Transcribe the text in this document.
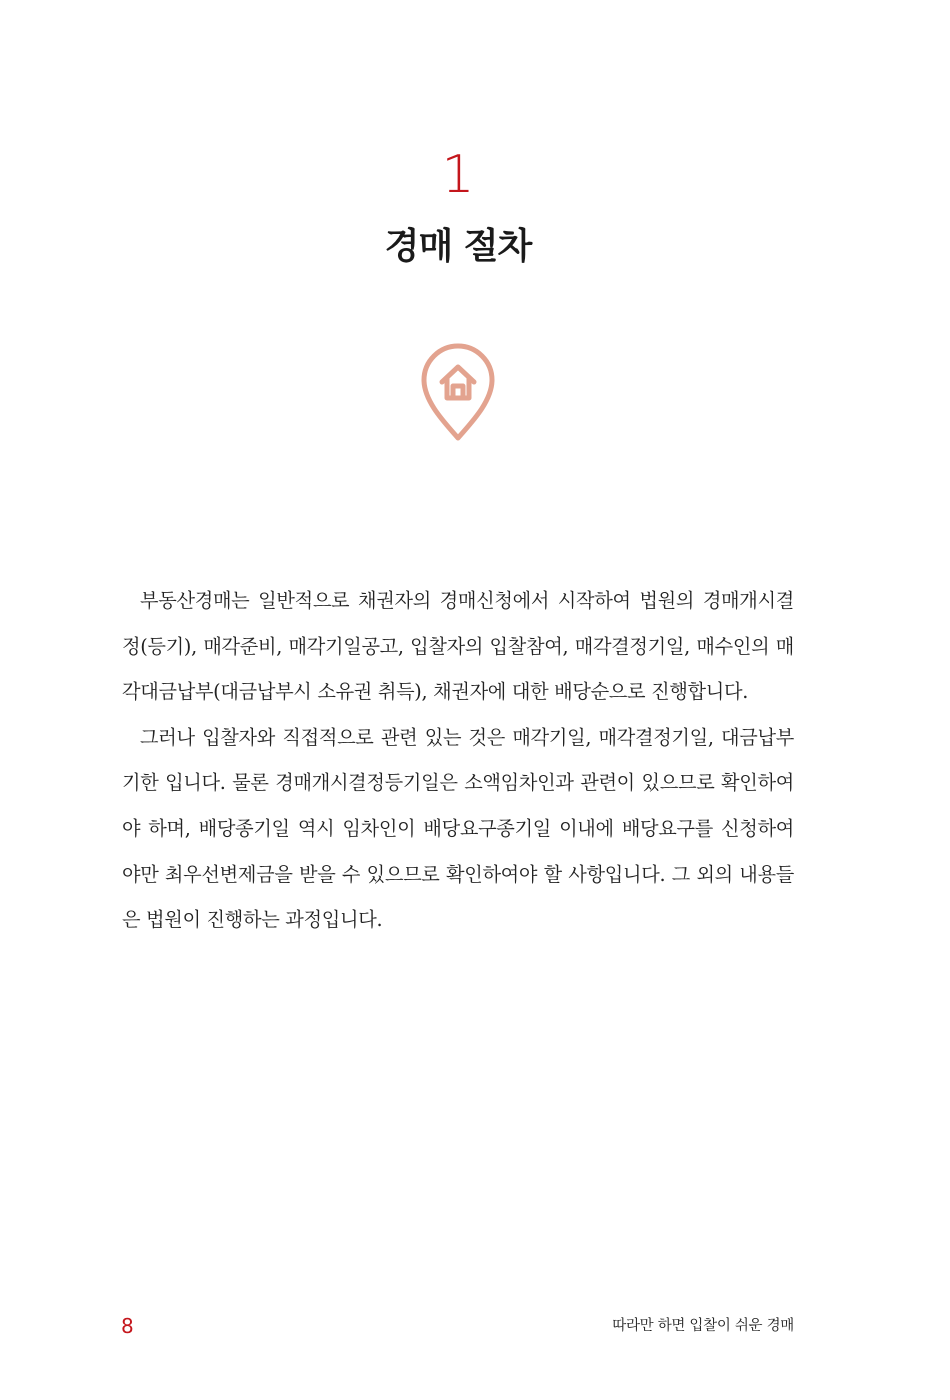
1
경매 절차

부동산경매는 일반적으로 채권자의 경매신청에서 시작하여 법원의 경매개시결정(등기), 매각준비, 매각기일공고, 입찰자의 입찰참여, 매각결정기일, 매수인의 매각대금납부(대금납부시 소유권 취득), 채권자에 대한 배당순으로 진행합니다.

그러나 입찰자와 직접적으로 관련 있는 것은 매각기일, 매각결정기일, 대금납부기한 입니다. 물론 경매개시결정등기일은 소액임차인과 관련이 있으므로 확인하여야 하며, 배당종기일 역시 임차인이 배당요구종기일 이내에 배당요구를 신청하여야만 최우선변제금을 받을 수 있으므로 확인하여야 할 사항입니다. 그 외의 내용들은 법원이 진행하는 과정입니다.

8	따라만 하면 입찰이 쉬운 경매
